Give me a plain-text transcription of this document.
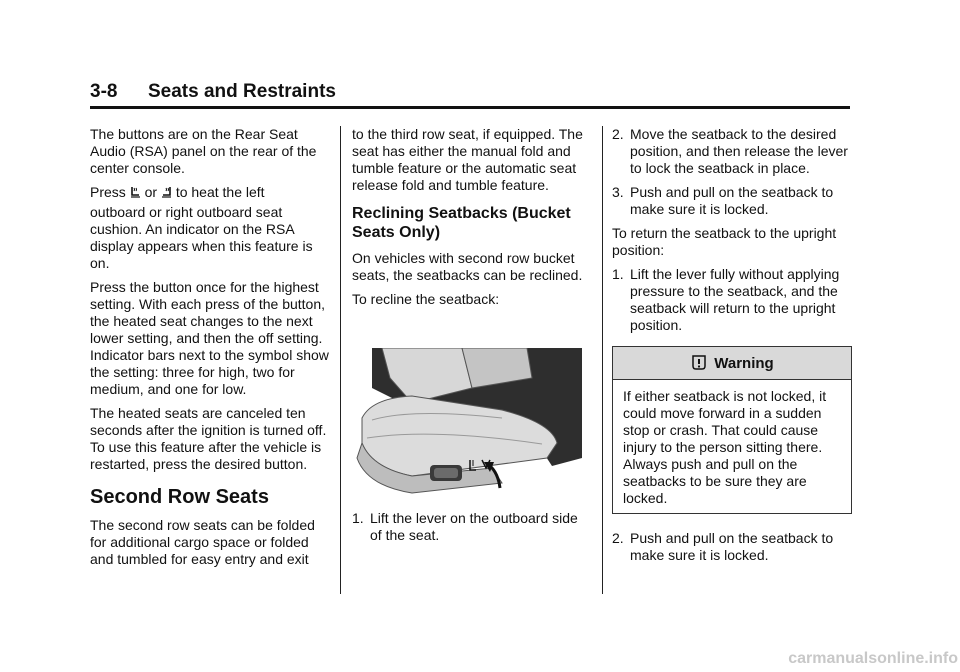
3-8 Seats and Restraints

The buttons are on the Rear Seat Audio (RSA) panel on the rear of the center console.

Press or to heat the left
outboard or right outboard seat cushion. An indicator on the RSA display appears when this feature is on.

Press the button once for the highest setting. With each press of the button, the heated seat changes to the next lower setting, and then the off setting. Indicator bars next to the symbol show the setting: three for high, two for medium, and one for low.

The heated seats are canceled ten seconds after the ignition is turned off. To use this feature after the vehicle is restarted, press the desired button.

Second Row Seats

The second row seats can be folded for additional cargo space or folded and tumbled for easy entry and exit

to the third row seat, if equipped. The seat has either the manual fold and tumble feature or the automatic seat release fold and tumble feature.

Reclining Seatbacks (Bucket Seats Only)

On vehicles with second row bucket seats, the seatbacks can be reclined.

To recline the seatback:

1. Lift the lever on the outboard side of the seat.
2. Move the seatback to the desired position, and then release the lever to lock the seatback in place.
3. Push and pull on the seatback to make sure it is locked.

To return the seatback to the upright position:

1. Lift the lever fully without applying pressure to the seatback, and the seatback will return to the upright position.
Warning
If either seatback is not locked, it could move forward in a sudden stop or crash. That could cause injury to the person sitting there. Always push and pull on the seatbacks to be sure they are locked.
2. Push and pull on the seatback to make sure it is locked.
carmanualsonline.info
